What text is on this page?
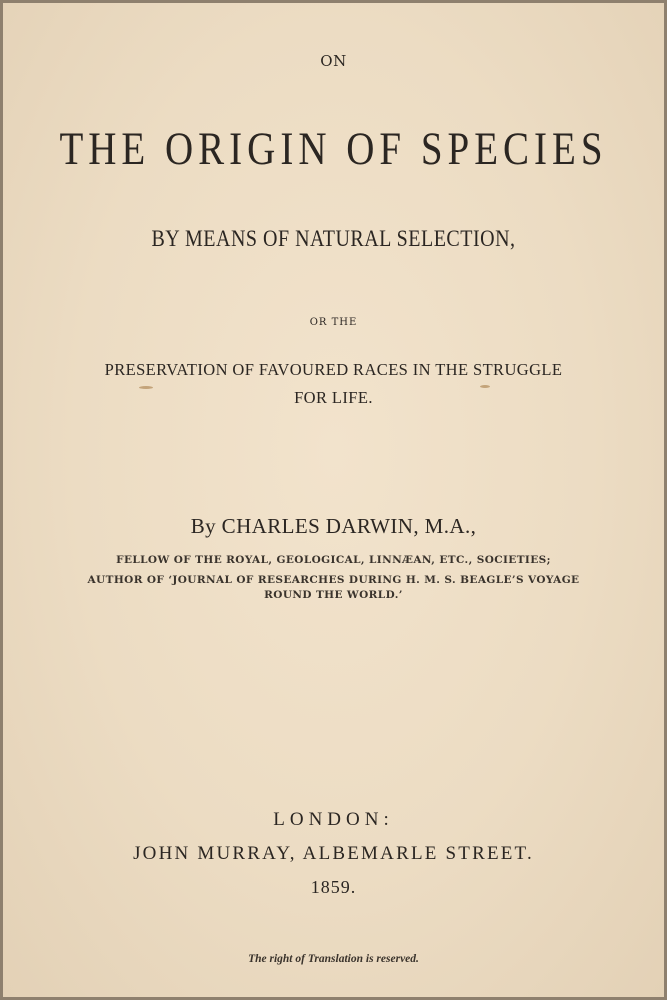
ON
THE ORIGIN OF SPECIES
BY MEANS OF NATURAL SELECTION,
OR THE
PRESERVATION OF FAVOURED RACES IN THE STRUGGLE
FOR LIFE.
By CHARLES DARWIN, M.A.,
FELLOW OF THE ROYAL, GEOLOGICAL, LINNÆAN, ETC., SOCIETIES;
AUTHOR OF ‘JOURNAL OF RESEARCHES DURING H. M. S. BEAGLE’S VOYAGE
ROUND THE WORLD.’
LONDON:
JOHN MURRAY, ALBEMARLE STREET.
1859.
The right of Translation is reserved.
